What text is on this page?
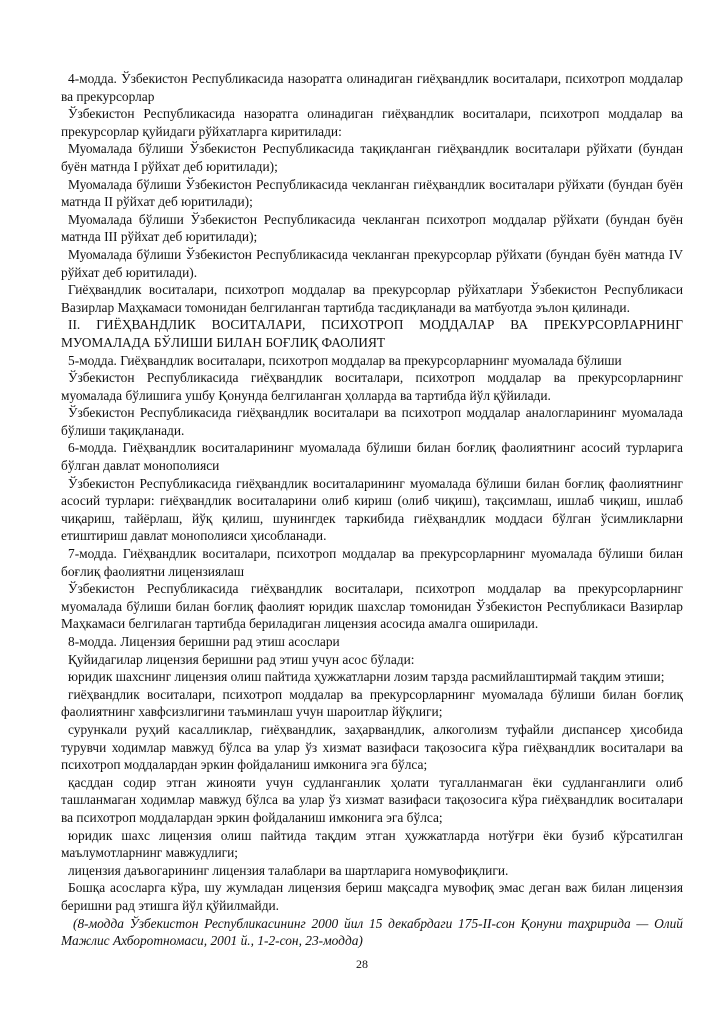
4-модда. Ўзбекистон Республикасида назоратга олинадиган гиёҳвандлик воситалари, психотроп моддалар ва прекурсорлар

Ўзбекистон Республикасида назоратга олинадиган гиёҳвандлик воситалари, психотроп моддалар ва прекурсорлар қуйидаги рўйхатларга киритилади:

Муомалада бўлиши Ўзбекистон Республикасида тақиқланган гиёҳвандлик воситалари рўйхати (бундан буён матнда I рўйхат деб юритилади);

Муомалада бўлиши Ўзбекистон Республикасида чекланган гиёҳвандлик воситалари рўйхати (бундан буён матнда II рўйхат деб юритилади);

Муомалада бўлиши Ўзбекистон Республикасида чекланган психотроп моддалар рўйхати (бундан буён матнда III рўйхат деб юритилади);

Муомалада бўлиши Ўзбекистон Республикасида чекланган прекурсорлар рўйхати (бундан буён матнда IV рўйхат деб юритилади).

Гиёҳвандлик воситалари, психотроп моддалар ва прекурсорлар рўйхатлари Ўзбекистон Республикаси Вазирлар Маҳкамаси томонидан белгиланган тартибда тасдиқланади ва матбуотда эълон қилинади.

II. ГИЁҲВАНДЛИК ВОСИТАЛАРИ, ПСИХОТРОП МОДДАЛАР ВА ПРЕКУРСОРЛАРНИНГ МУОМАЛАДА БЎЛИШИ БИЛАН БОҒЛИҚ ФАОЛИЯТ

5-модда. Гиёҳвандлик воситалари, психотроп моддалар ва прекурсорларнинг муомалада бўлиши

Ўзбекистон Республикасида гиёҳвандлик воситалари, психотроп моддалар ва прекурсорларнинг муомалада бўлишига ушбу Қонунда белгиланган ҳолларда ва тартибда йўл қўйилади.

Ўзбекистон Республикасида гиёҳвандлик воситалари ва психотроп моддалар аналогларининг муомалада бўлиши тақиқланади.

6-модда. Гиёҳвандлик воситаларининг муомалада бўлиши билан боғлиқ фаолиятнинг асосий турларига бўлган давлат монополияси

Ўзбекистон Республикасида гиёҳвандлик воситаларининг муомалада бўлиши билан боғлиқ фаолиятнинг асосий турлари: гиёҳвандлик воситаларини олиб кириш (олиб чиқиш), тақсимлаш, ишлаб чиқиш, ишлаб чиқариш, тайёрлаш, йўқ қилиш, шунингдек таркибида гиёҳвандлик моддаси бўлган ўсимликларни етиштириш давлат монополияси ҳисобланади.

7-модда. Гиёҳвандлик воситалари, психотроп моддалар ва прекурсорларнинг муомалада бўлиши билан боғлиқ фаолиятни лицензиялаш

Ўзбекистон Республикасида гиёҳвандлик воситалари, психотроп моддалар ва прекурсорларнинг муомалада бўлиши билан боғлиқ фаолият юридик шахслар томонидан Ўзбекистон Республикаси Вазирлар Маҳкамаси белгилаган тартибда бериладиган лицензия асосида амалга оширилади.

8-модда. Лицензия беришни рад этиш асослари

Қуйидагилар лицензия беришни рад этиш учун асос бўлади:

юридик шахснинг лицензия олиш пайтида ҳужжатларни лозим тарзда расмийлаштирмай тақдим этиши;

гиёҳвандлик воситалари, психотроп моддалар ва прекурсорларнинг муомалада бўлиши билан боғлиқ фаолиятнинг хавфсизлигини таъминлаш учун шароитлар йўқлиги;

сурункали руҳий касалликлар, гиёҳвандлик, заҳарвандлик, алкоголизм туфайли диспансер ҳисобида турувчи ходимлар мавжуд бўлса ва улар ўз хизмат вазифаси тақозосига кўра гиёҳвандлик воситалари ва психотроп моддалардан эркин фойдаланиш имконига эга бўлса;

қасддан содир этган жинояти учун судланганлик ҳолати тугалланмаган ёки судланганлиги олиб ташланмаган ходимлар мавжуд бўлса ва улар ўз хизмат вазифаси тақозосига кўра гиёҳвандлик воситалари ва психотроп моддалардан эркин фойдаланиш имконига эга бўлса;

юридик шахс лицензия олиш пайтида тақдим этган ҳужжатларда нотўғри ёки бузиб кўрсатилган маълумотларнинг мавжудлиги;

лицензия даъвогарининг лицензия талаблари ва шартларига номувофиқлиги.

Бошқа асосларга кўра, шу жумладан лицензия бериш мақсадга мувофиқ эмас деган важ билан лицензия беришни рад этишга йўл қўйилмайди.

(8-модда Ўзбекистон Республикасининг 2000 йил 15 декабрдаги 175-II-сон Қонуни таҳририда — Олий Мажлис Ахборотномаси, 2001 й., 1-2-сон, 23-модда)

28
